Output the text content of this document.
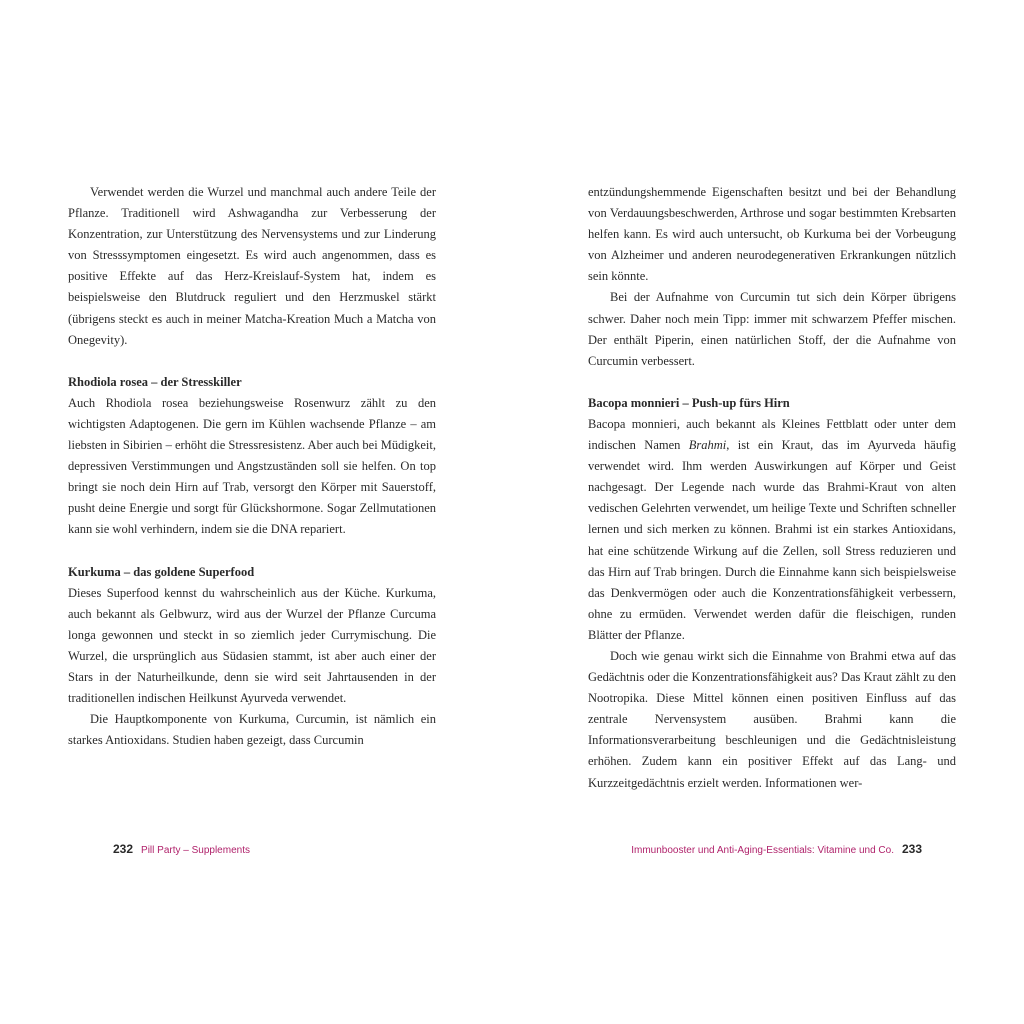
Verwendet werden die Wurzel und manchmal auch andere Teile der Pflanze. Traditionell wird Ashwagandha zur Verbesserung der Konzentration, zur Unterstützung des Nervensystems und zur Linderung von Stresssymptomen eingesetzt. Es wird auch angenommen, dass es positive Effekte auf das Herz-Kreislauf-System hat, indem es beispielsweise den Blutdruck reguliert und den Herzmuskel stärkt (übrigens steckt es auch in meiner Matcha-Kreation Much a Matcha von Onegevity).

Rhodiola rosea – der Stresskiller

Auch Rhodiola rosea beziehungsweise Rosenwurz zählt zu den wichtigsten Adaptogenen. Die gern im Kühlen wachsende Pflanze – am liebsten in Sibirien – erhöht die Stressresistenz. Aber auch bei Müdigkeit, depressiven Verstimmungen und Angstzuständen soll sie helfen. On top bringt sie noch dein Hirn auf Trab, versorgt den Körper mit Sauerstoff, pusht deine Energie und sorgt für Glückshormone. Sogar Zellmutationen kann sie wohl verhindern, indem sie die DNA repariert.

Kurkuma – das goldene Superfood

Dieses Superfood kennst du wahrscheinlich aus der Küche. Kurkuma, auch bekannt als Gelbwurz, wird aus der Wurzel der Pflanze Curcuma longa gewonnen und steckt in so ziemlich jeder Currymischung. Die Wurzel, die ursprünglich aus Südasien stammt, ist aber auch einer der Stars in der Naturheilkunde, denn sie wird seit Jahrtausenden in der traditionellen indischen Heilkunst Ayurveda verwendet.

Die Hauptkomponente von Kurkuma, Curcumin, ist nämlich ein starkes Antioxidans. Studien haben gezeigt, dass Curcumin

232 Pill Party – Supplements

entzündungshemmende Eigenschaften besitzt und bei der Behandlung von Verdauungsbeschwerden, Arthrose und sogar bestimmten Krebsarten helfen kann. Es wird auch untersucht, ob Kurkuma bei der Vorbeugung von Alzheimer und anderen neurodegenerativen Erkrankungen nützlich sein könnte.

Bei der Aufnahme von Curcumin tut sich dein Körper übrigens schwer. Daher noch mein Tipp: immer mit schwarzem Pfeffer mischen. Der enthält Piperin, einen natürlichen Stoff, der die Aufnahme von Curcumin verbessert.

Bacopa monnieri – Push-up fürs Hirn

Bacopa monnieri, auch bekannt als Kleines Fettblatt oder unter dem indischen Namen Brahmi, ist ein Kraut, das im Ayurveda häufig verwendet wird. Ihm werden Auswirkungen auf Körper und Geist nachgesagt. Der Legende nach wurde das Brahmi-Kraut von alten vedischen Gelehrten verwendet, um heilige Texte und Schriften schneller lernen und sich merken zu können. Brahmi ist ein starkes Antioxidans, hat eine schützende Wirkung auf die Zellen, soll Stress reduzieren und das Hirn auf Trab bringen. Durch die Einnahme kann sich beispielsweise das Denkvermögen oder auch die Konzentrationsfähigkeit verbessern, ohne zu ermüden. Verwendet werden dafür die fleischigen, runden Blätter der Pflanze.

Doch wie genau wirkt sich die Einnahme von Brahmi etwa auf das Gedächtnis oder die Konzentrationsfähigkeit aus? Das Kraut zählt zu den Nootropika. Diese Mittel können einen positiven Einfluss auf das zentrale Nervensystem ausüben. Brahmi kann die Informationsverarbeitung beschleunigen und die Gedächtnisleistung erhöhen. Zudem kann ein positiver Effekt auf das Lang- und Kurzzeitgedächtnis erzielt werden. Informationen wer-

Immunbooster und Anti-Aging-Essentials: Vitamine und Co. 233
